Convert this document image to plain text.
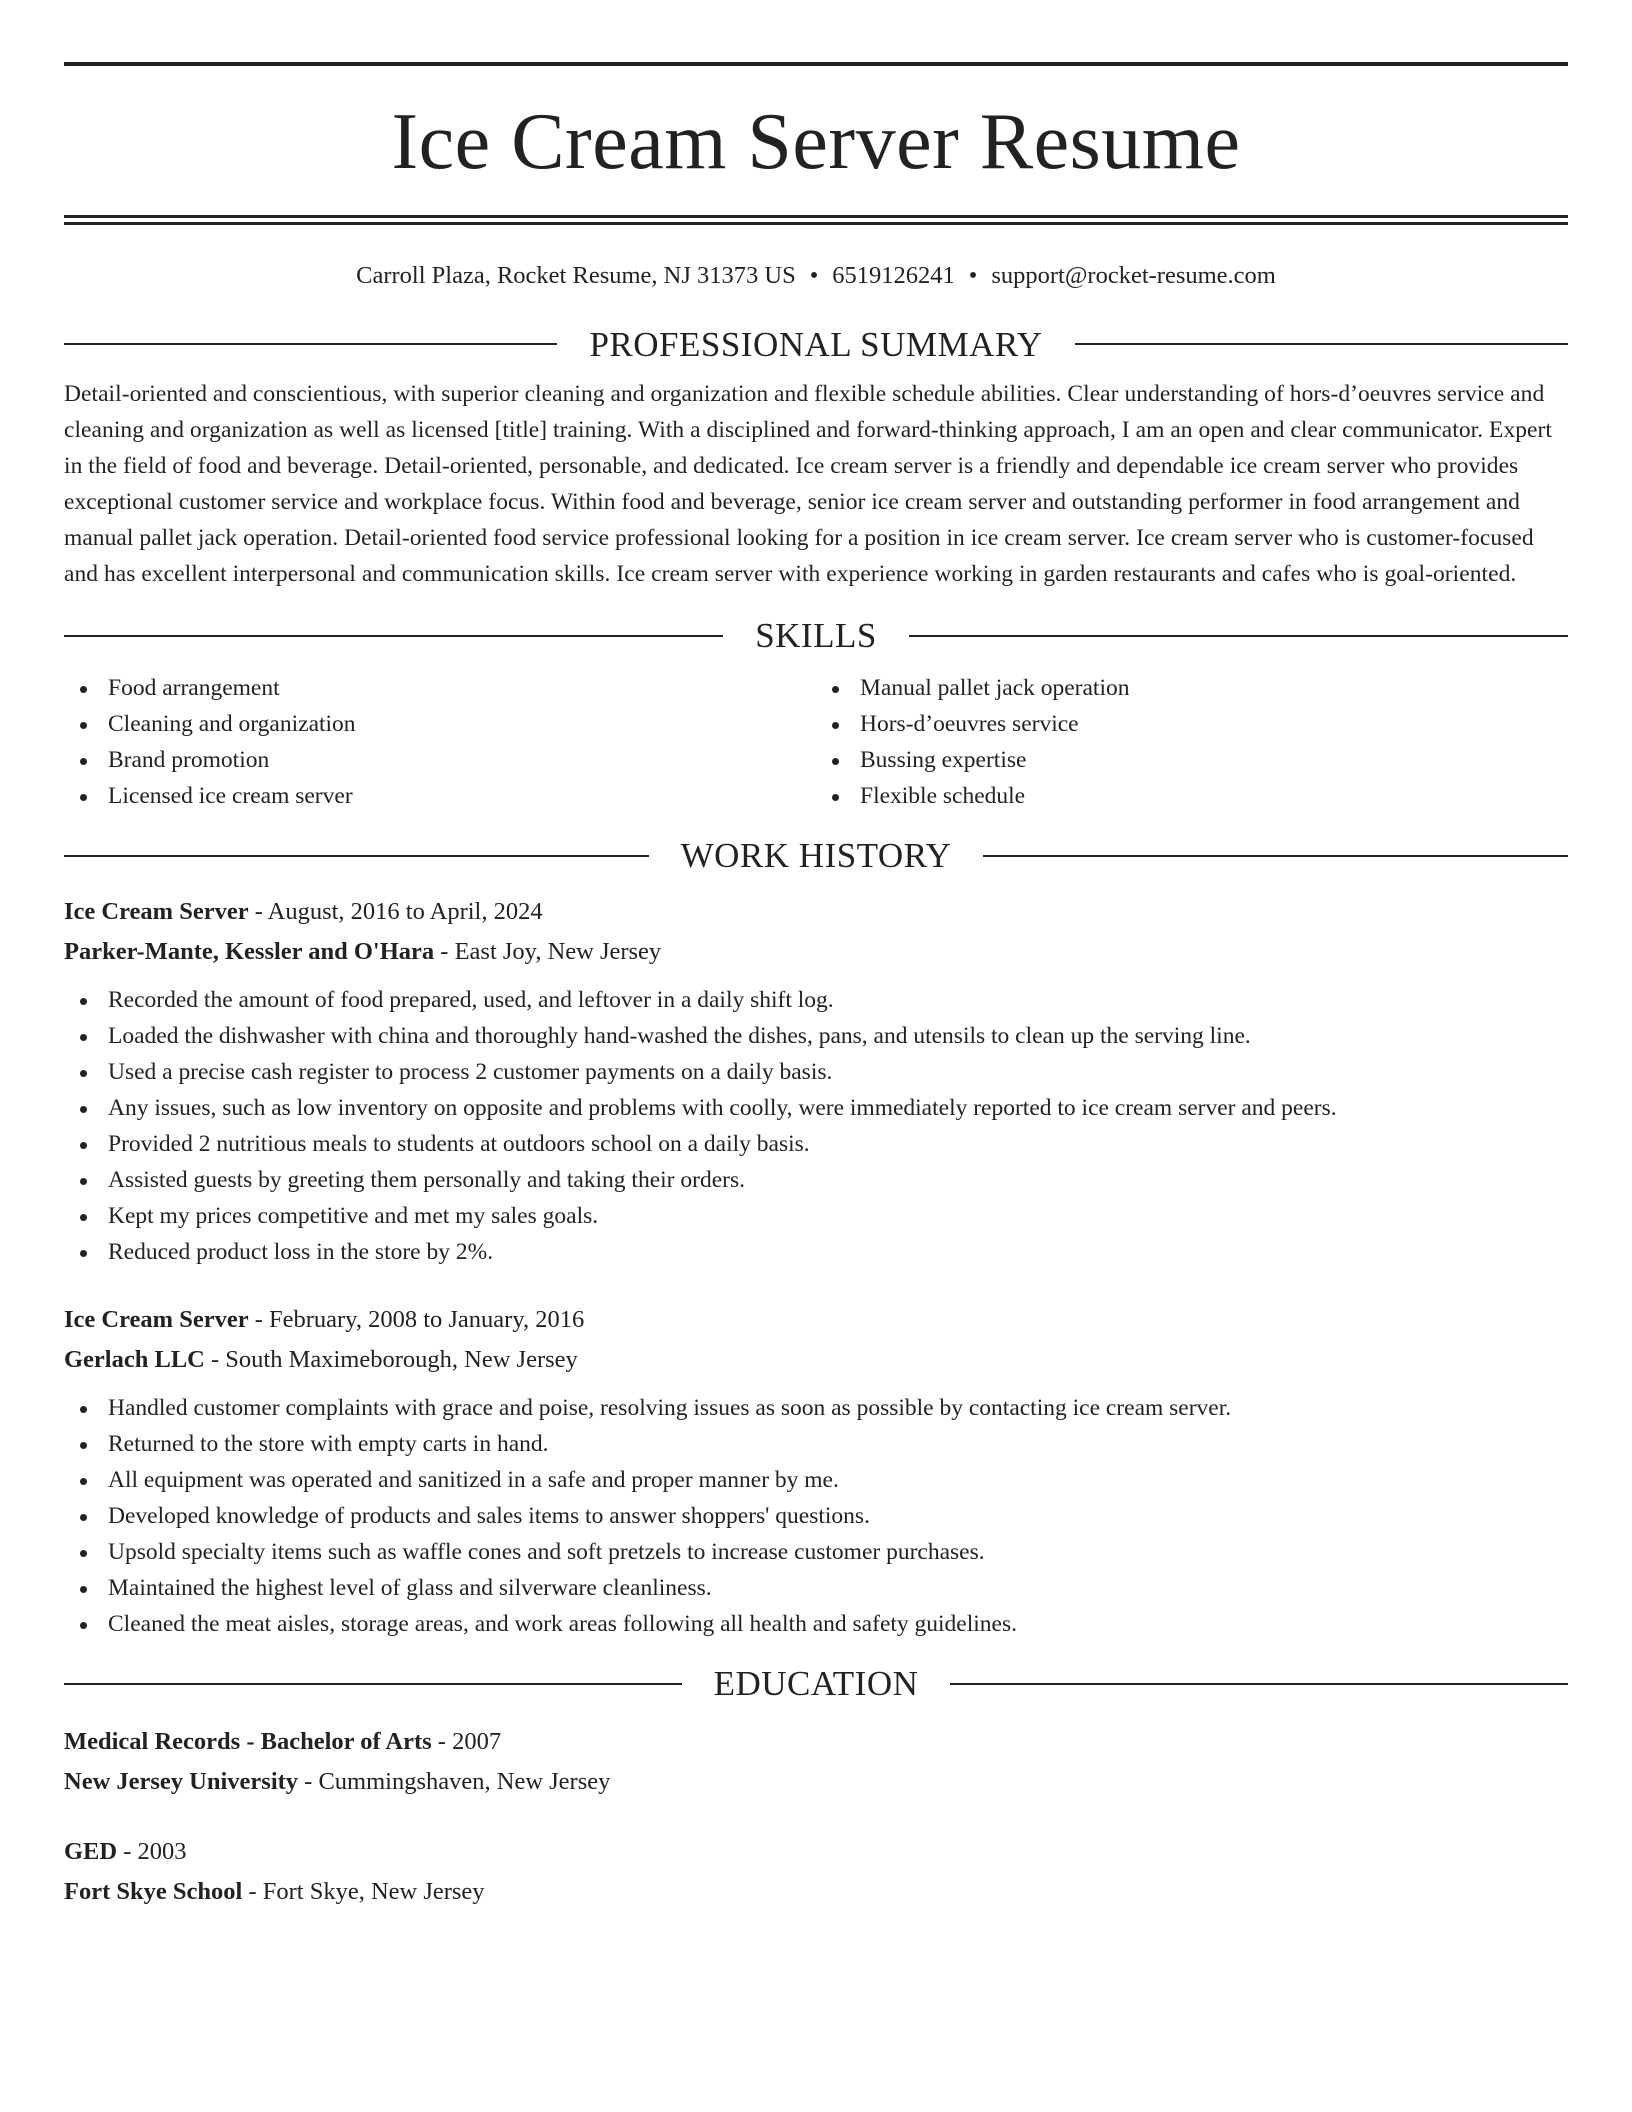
Ice Cream Server Resume
Carroll Plaza, Rocket Resume, NJ 31373 US • 6519126241 • support@rocket-resume.com
PROFESSIONAL SUMMARY

Detail-oriented and conscientious, with superior cleaning and organization and flexible schedule abilities. Clear understanding of hors-d’oeuvres service and cleaning and organization as well as licensed [title] training. With a disciplined and forward-thinking approach, I am an open and clear communicator. Expert in the field of food and beverage. Detail-oriented, personable, and dedicated. Ice cream server is a friendly and dependable ice cream server who provides exceptional customer service and workplace focus. Within food and beverage, senior ice cream server and outstanding performer in food arrangement and manual pallet jack operation. Detail-oriented food service professional looking for a position in ice cream server. Ice cream server who is customer-focused and has excellent interpersonal and communication skills. Ice cream server with experience working in garden restaurants and cafes who is goal-oriented.

SKILLS
Food arrangement
Cleaning and organization
Brand promotion
Licensed ice cream server
Manual pallet jack operation
Hors-d’oeuvres service
Bussing expertise
Flexible schedule
WORK HISTORY
Ice Cream Server - August, 2016 to April, 2024
Parker-Mante, Kessler and O'Hara - East Joy, New Jersey
Recorded the amount of food prepared, used, and leftover in a daily shift log.
Loaded the dishwasher with china and thoroughly hand-washed the dishes, pans, and utensils to clean up the serving line.
Used a precise cash register to process 2 customer payments on a daily basis.
Any issues, such as low inventory on opposite and problems with coolly, were immediately reported to ice cream server and peers.
Provided 2 nutritious meals to students at outdoors school on a daily basis.
Assisted guests by greeting them personally and taking their orders.
Kept my prices competitive and met my sales goals.
Reduced product loss in the store by 2%.
Ice Cream Server - February, 2008 to January, 2016
Gerlach LLC - South Maximeborough, New Jersey
Handled customer complaints with grace and poise, resolving issues as soon as possible by contacting ice cream server.
Returned to the store with empty carts in hand.
All equipment was operated and sanitized in a safe and proper manner by me.
Developed knowledge of products and sales items to answer shoppers' questions.
Upsold specialty items such as waffle cones and soft pretzels to increase customer purchases.
Maintained the highest level of glass and silverware cleanliness.
Cleaned the meat aisles, storage areas, and work areas following all health and safety guidelines.
EDUCATION
Medical Records - Bachelor of Arts - 2007
New Jersey University - Cummingshaven, New Jersey
GED - 2003
Fort Skye School - Fort Skye, New Jersey
